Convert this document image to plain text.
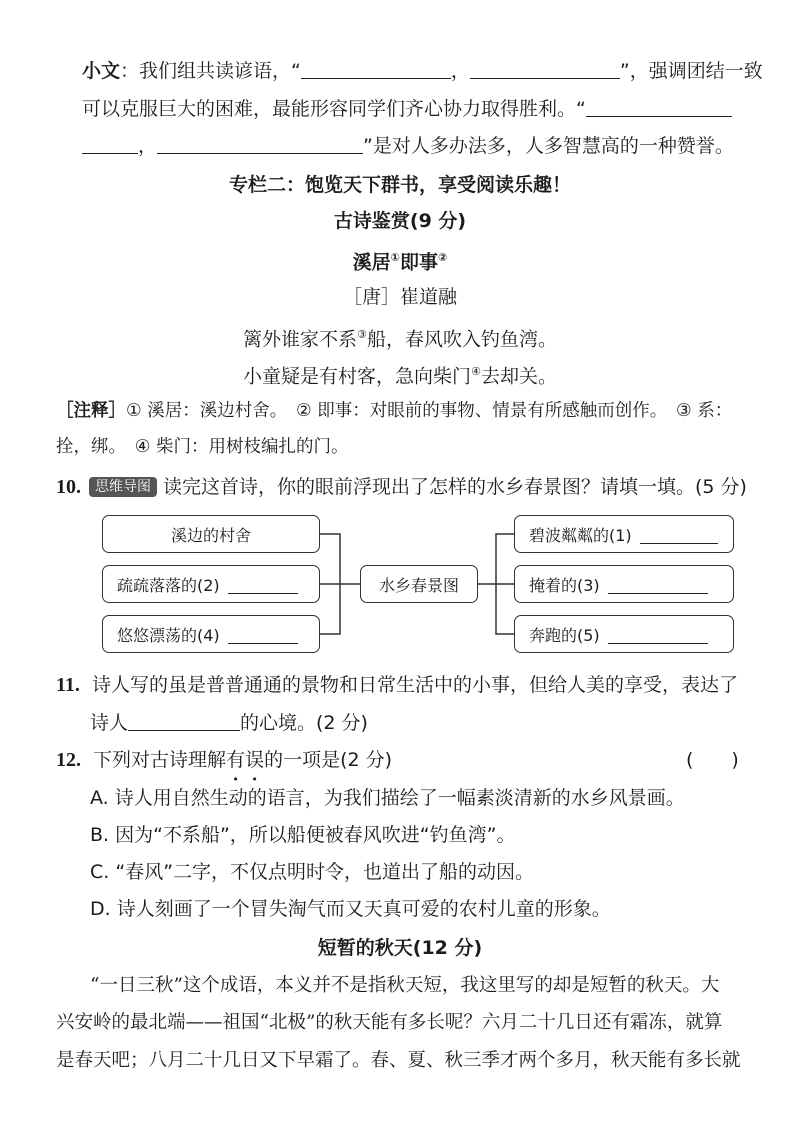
小文：我们组共读谚语，“	，	”，强调团结一致
可以克服巨大的困难，最能形容同学们齐心协力取得胜利。“
，	”是对人多办法多，人多智慧高的一种赞誉。
专栏二：饱览天下群书，享受阅读乐趣！
古诗鉴赏(9 分)
溪居①即事②
［唐］崔道融
篱外谁家不系③船，春风吹入钓鱼湾。
小童疑是有村客，急向柴门④去却关。
［注释］① 溪居：溪边村舍。　② 即事：对眼前的事物、情景有所感触而创作。　③ 系：
拴，绑。　④ 柴门：用树枝编扎的门。
10. 思维导图 读完这首诗，你的眼前浮现出了怎样的水乡春景图？请填一填。(5 分)
溪边的村舍
疏疏落落的(2)
悠悠漂荡的(4)
水乡春景图
碧波粼粼的(1)
掩着的(3)
奔跑的(5)
11. 诗人写的虽是普普通通的景物和日常生活中的小事，但给人美的享受，表达了
诗人	的心境。(2 分)
12. 下列对古诗理解有误的一项是(2 分)	(　　)
A. 诗人用自然生动的语言，为我们描绘了一幅素淡清新的水乡风景画。
B. 因为“不系船”，所以船便被春风吹进“钓鱼湾”。
C. “春风”二字，不仅点明时令，也道出了船的动因。
D. 诗人刻画了一个冒失淘气而又天真可爱的农村儿童的形象。
短暂的秋天(12 分)
“一日三秋”这个成语，本义并不是指秋天短，我这里写的却是短暂的秋天。大
兴安岭的最北端——祖国“北极”的秋天能有多长呢？六月二十几日还有霜冻，就算
是春天吧；八月二十几日又下早霜了。春、夏、秋三季才两个多月，秋天能有多长就
